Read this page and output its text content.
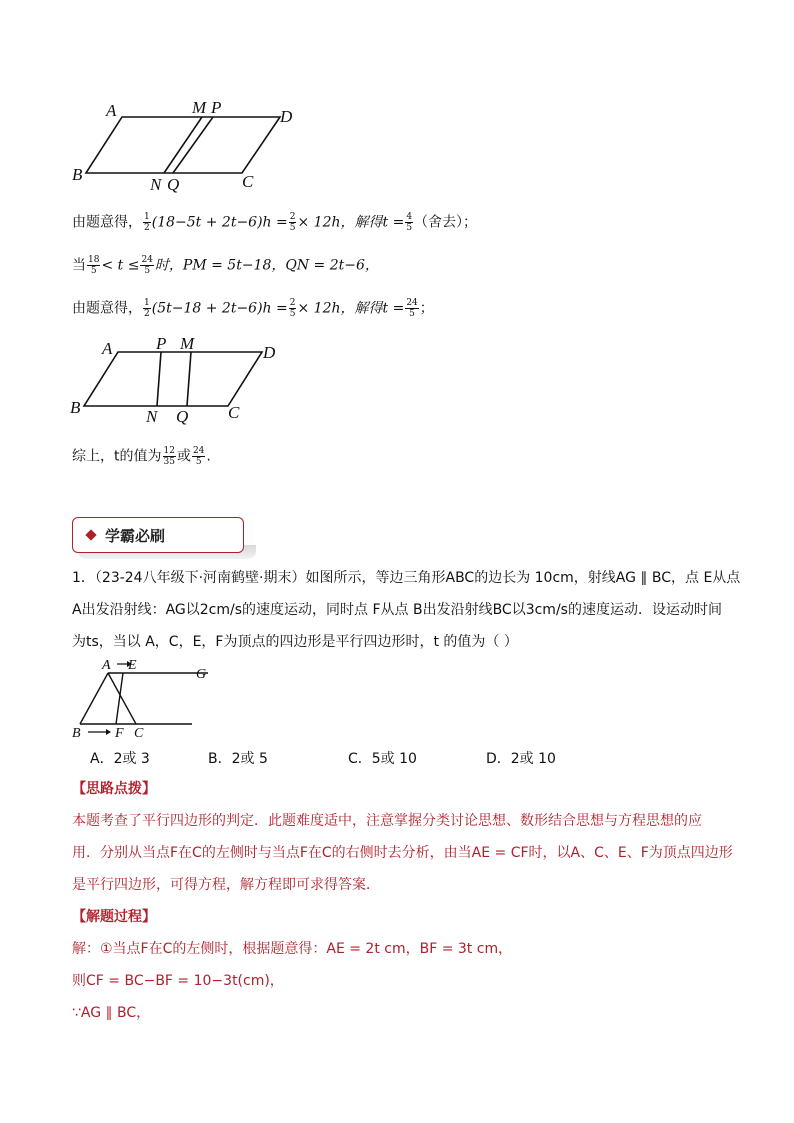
A	M P	D
B
N Q	C
由题意得， $\frac{1}{2} (18-5t + 2t-6)h = \frac{2}{5} \times 12h$，解得$t = \frac{4}{5}$ （舍去）；
当 $\frac{18}{5} < t \le \frac{24}{5}$ 时，PM = 5t−18，QN = 2t−6，
由题意得， $\frac{1}{2} (5t-18 + 2t-6)h = \frac{2}{5} \times 12h$，解得$t = \frac{24}{5}$ ；
A	P M	D
B	N Q C
综上，t的值为 $\frac{12}{35}$ 或 $\frac{24}{5}$ .
学霸必刷
1．（23-24八年级下·河南鹤壁·期末）如图所示，等边三角形ABC的边长为 10cm，射线AG ∥ BC，点 E从点
A出发沿射线：AG以2cm/s的速度运动，同时点 F从点 B出发沿射线BC以3cm/s的速度运动．设运动时间
为ts，当以 A，C，E，F为顶点的四边形是平行四边形时，t 的值为（ ）
A E
G
B F C
A．2或 3	B．2或 5	C．5或 10	D．2或 10
【思路点拨】
本题考查了平行四边形的判定．此题难度适中，注意掌握分类讨论思想、数形结合思想与方程思想的应
用．分别从当点F在C的左侧时与当点F在C的右侧时去分析，由当AE = CF时，以A、C、E、F为顶点四边形
是平行四边形，可得方程，解方程即可求得答案．
【解题过程】
解：①当点F在C的左侧时，根据题意得：AE = 2t cm，BF = 3t cm，
则CF = BC−BF = 10−3t(cm)，
∵AG ∥ BC，
